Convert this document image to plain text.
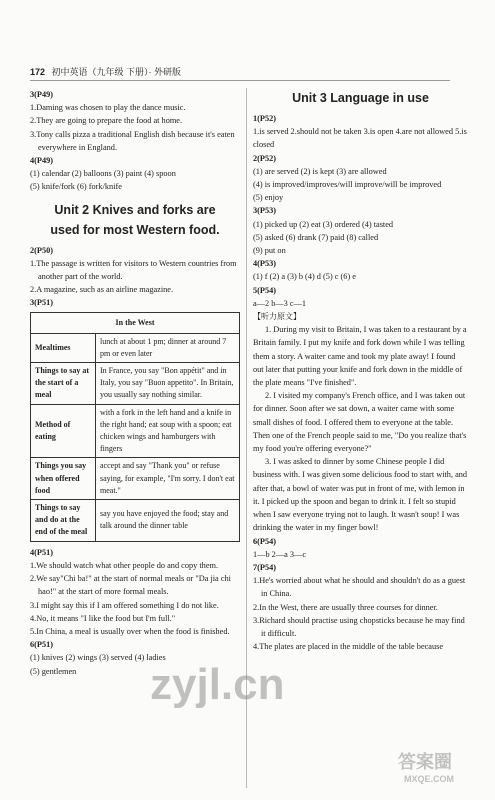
172 初中英语（九年级 下册）· 外研版

3(P49)

1.Daming was chosen to play the dance music.

2.They are going to prepare the food at home.

3.Tony calls pizza a traditional English dish because it's eaten everywhere in England.

4(P49)

(1) calendar (2) balloons (3) paint (4) spoon

(5) knife/fork (6) fork/knife

Unit 2 Knives and forks are
used for most Western food.

2(P50)

1.The passage is written for visitors to Western countries from another part of the world.

2.A magazine, such as an airline magazine.

3(P51)

In the West	
Mealtimes	lunch at about 1 pm; dinner at around 7 pm or even later
Things to say at the start of a meal	In France, you say "Bon appétit" and in Italy, you say "Buon appetito". In Britain, you usually say nothing similar.
Method of eating	with a fork in the left hand and a knife in the right hand; eat soup with a spoon; eat chicken wings and hamburgers with fingers
Things you say when offered food	accept and say "Thank you" or refuse saying, for example, "I'm sorry. I don't eat meat."
Things to say and do at the end of the meal	say you have enjoyed the food; stay and talk around the dinner table

4(P51)

1.We should watch what other people do and copy them.

2.We say"Chi ba!" at the start of normal meals or "Da jia chi hao!" at the start of more formal meals.

3.I might say this if I am offered something I do not like.

4.No, it means "I like the food but I'm full."

5.In China, a meal is usually over when the food is finished.

6(P51)

(1) knives (2) wings (3) served (4) ladies

(5) gentlemen

Unit 3 Language in use

1(P52)

1.is served 2.should not be taken 3.is open 4.are not allowed 5.is closed

2(P52)

(1) are served (2) is kept (3) are allowed

(4) is improved/improves/will improve/will be improved

(5) enjoy

3(P53)

(1) picked up (2) eat (3) ordered (4) tasted

(5) asked (6) drank (7) paid (8) called

(9) put on

4(P53)

(1) f (2) a (3) b (4) d (5) c (6) e

5(P54)

a—2 b—3 c—1

【听力原文】

1. During my visit to Britain, I was taken to a restaurant by a Britain family. I put my knife and fork down while I was telling them a story. A waiter came and took my plate away! I found out later that putting your knife and fork down in the middle of the plate means "I've finished".

2. I visited my company's French office, and I was taken out for dinner. Soon after we sat down, a waiter came with some small dishes of food. I offered them to everyone at the table. Then one of the French people said to me, "Do you realize that's my food you're offering everyone?"

3. I was asked to dinner by some Chinese people I did business with. I was given some delicious food to start with, and after that, a bowl of water was put in front of me, with lemon in it. I picked up the spoon and began to drink it. I felt so stupid when I saw everyone trying not to laugh. It wasn't soup! I was drinking the water in my finger bowl!

6(P54)

1—b 2—a 3—c

7(P54)

1.He's worried about what he should and shouldn't do as a guest in China.

2.In the West, there are usually three courses for dinner.

3.Richard should practise using chopsticks because he may find it difficult.

4.The plates are placed in the middle of the table because

zyjl.cn
答案圈
MXQE.COM
